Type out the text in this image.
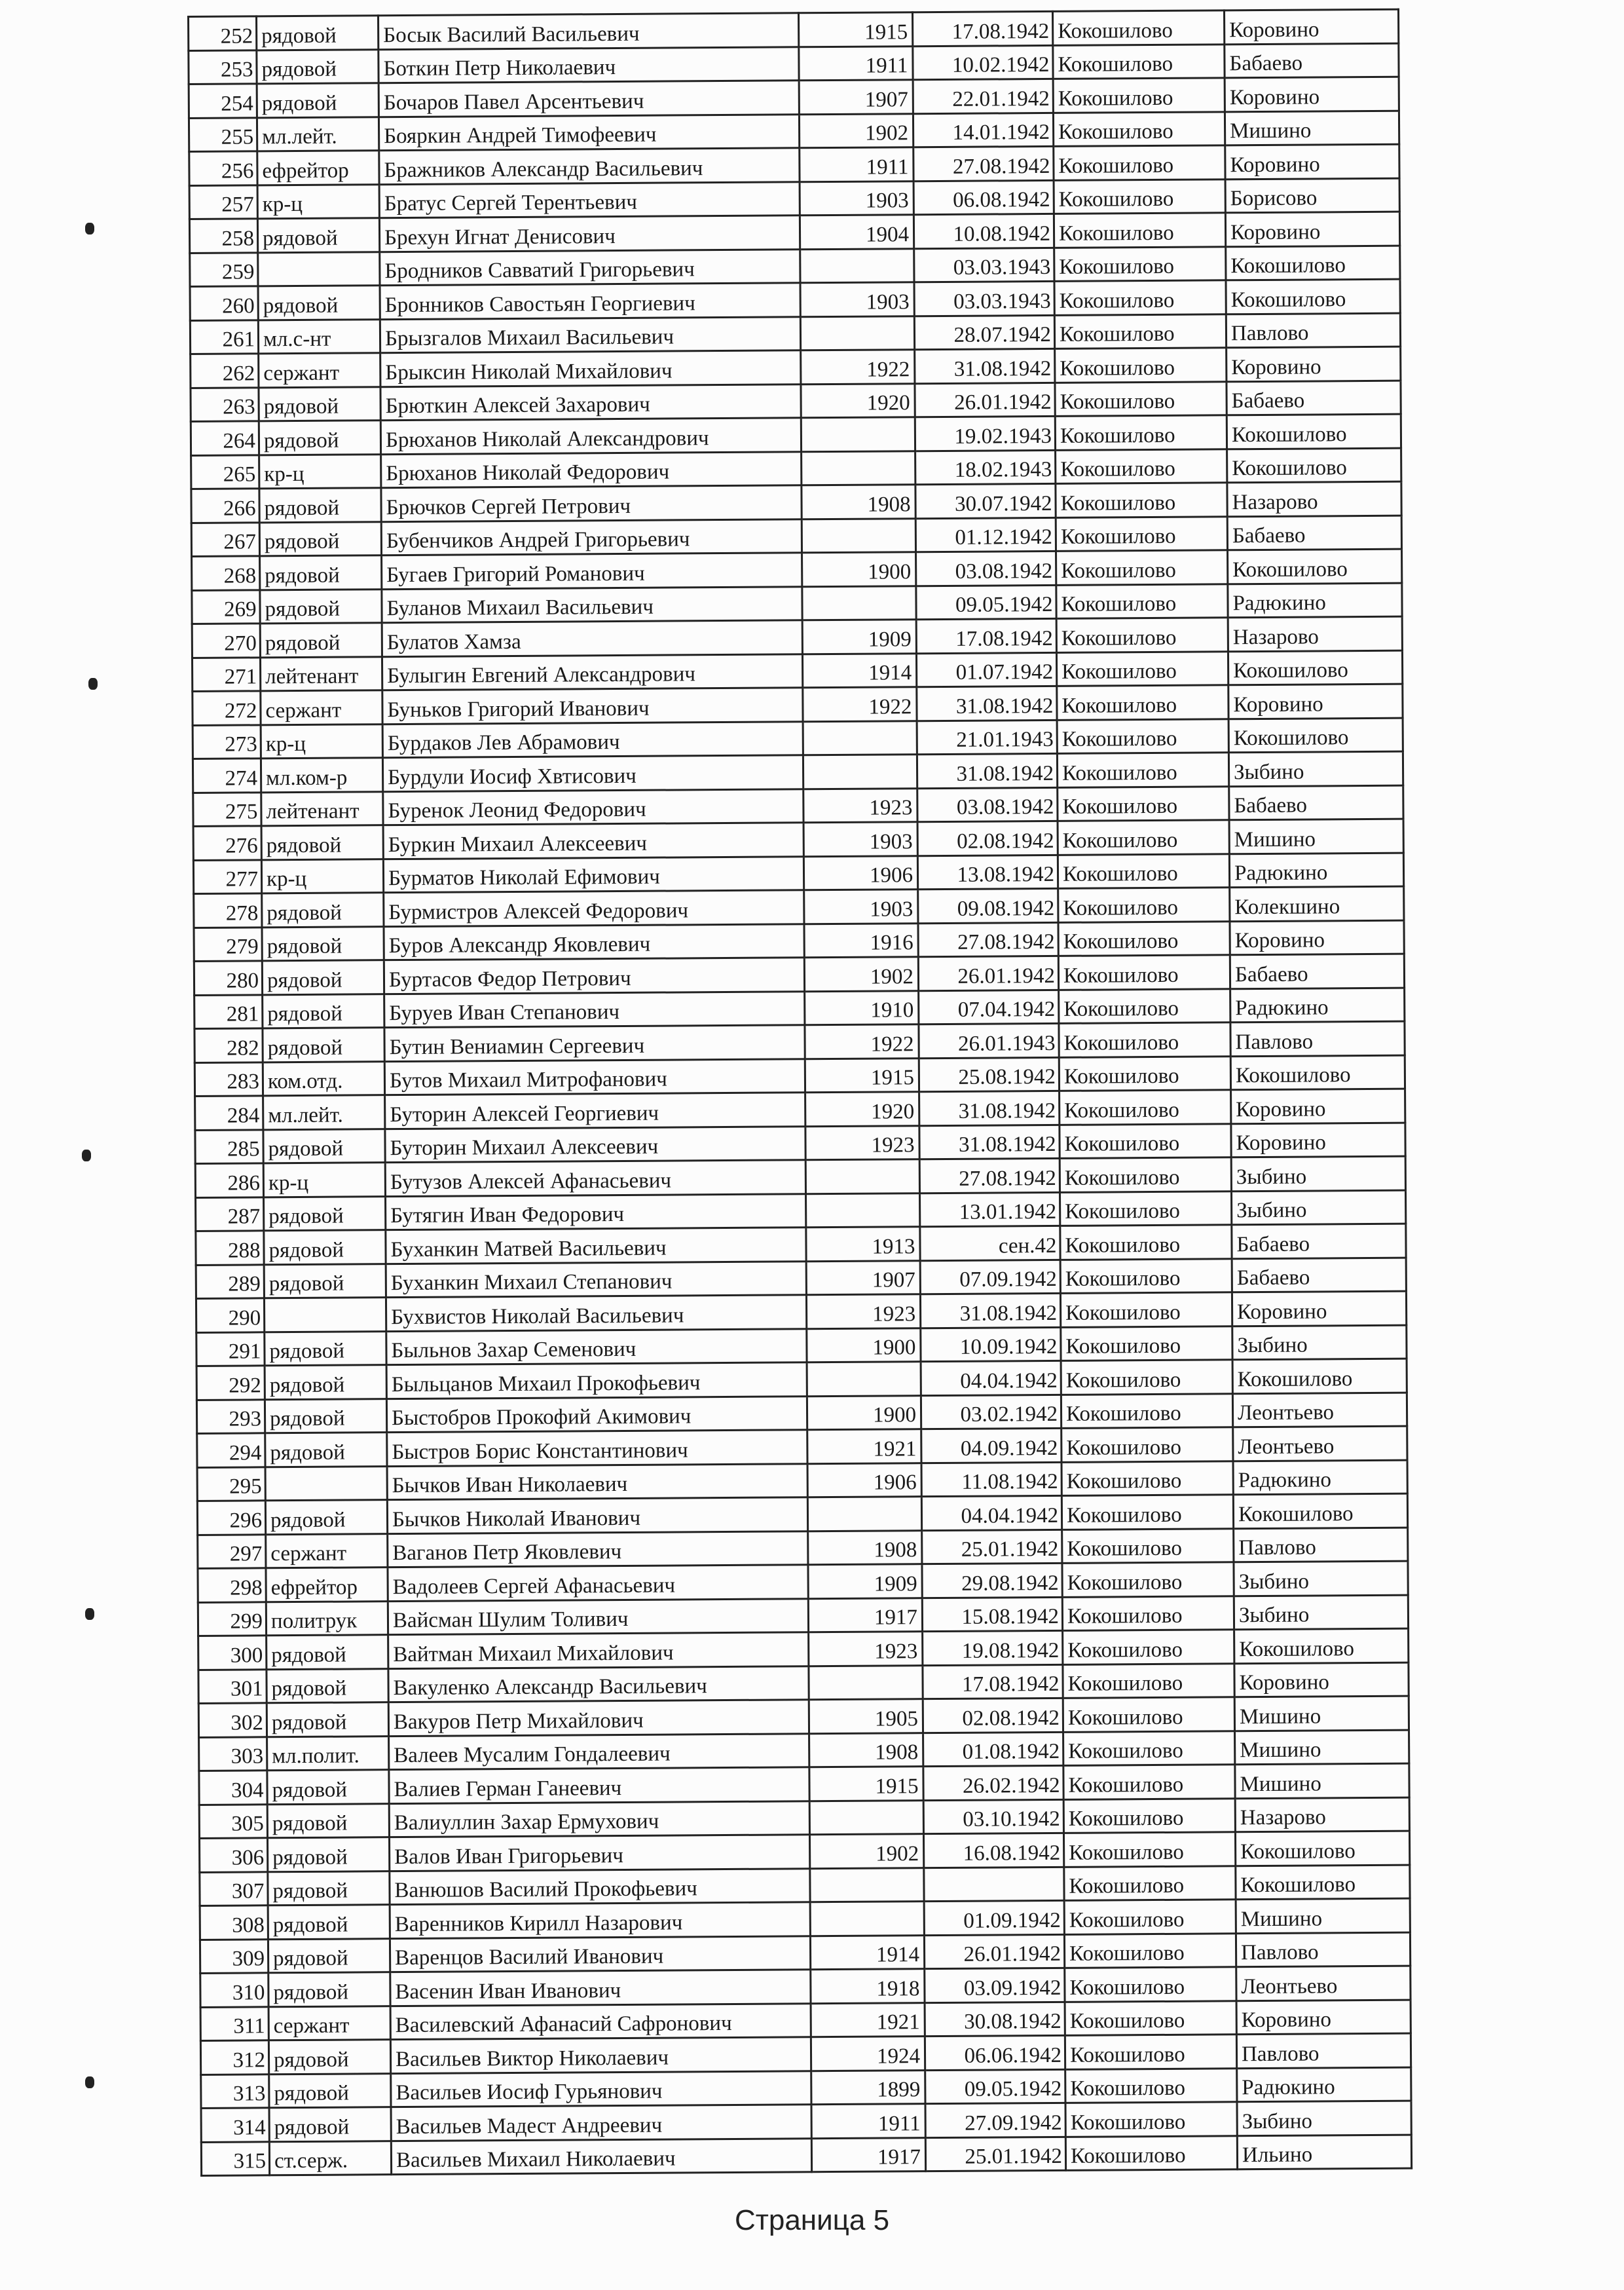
252	рядовой	Босык Василий Васильевич	1915	17.08.1942	Кокошилово	Коровино
253	рядовой	Боткин Петр Николаевич	1911	10.02.1942	Кокошилово	Бабаево
254	рядовой	Бочаров Павел Арсентьевич	1907	22.01.1942	Кокошилово	Коровино
255	мл.лейт.	Бояркин Андрей Тимофеевич	1902	14.01.1942	Кокошилово	Мишино
256	ефрейтор	Бражников Александр Васильевич	1911	27.08.1942	Кокошилово	Коровино
257	кр-ц	Братус Сергей Терентьевич	1903	06.08.1942	Кокошилово	Борисово
258	рядовой	Брехун Игнат Денисович	1904	10.08.1942	Кокошилово	Коровино
259		Бродников Савватий Григорьевич		03.03.1943	Кокошилово	Кокошилово
260	рядовой	Бронников Савостьян Георгиевич	1903	03.03.1943	Кокошилово	Кокошилово
261	мл.с-нт	Брызгалов Михаил Васильевич		28.07.1942	Кокошилово	Павлово
262	сержант	Брыксин Николай Михайлович	1922	31.08.1942	Кокошилово	Коровино
263	рядовой	Брюткин Алексей Захарович	1920	26.01.1942	Кокошилово	Бабаево
264	рядовой	Брюханов Николай Александрович		19.02.1943	Кокошилово	Кокошилово
265	кр-ц	Брюханов Николай Федорович		18.02.1943	Кокошилово	Кокошилово
266	рядовой	Брючков Сергей Петрович	1908	30.07.1942	Кокошилово	Назарово
267	рядовой	Бубенчиков Андрей Григорьевич		01.12.1942	Кокошилово	Бабаево
268	рядовой	Бугаев Григорий Романович	1900	03.08.1942	Кокошилово	Кокошилово
269	рядовой	Буланов Михаил Васильевич		09.05.1942	Кокошилово	Радюкино
270	рядовой	Булатов Хамза	1909	17.08.1942	Кокошилово	Назарово
271	лейтенант	Булыгин Евгений Александрович	1914	01.07.1942	Кокошилово	Кокошилово
272	сержант	Буньков Григорий Иванович	1922	31.08.1942	Кокошилово	Коровино
273	кр-ц	Бурдаков Лев Абрамович		21.01.1943	Кокошилово	Кокошилово
274	мл.ком-р	Бурдули Иосиф Хвтисович		31.08.1942	Кокошилово	Зыбино
275	лейтенант	Буренок Леонид Федорович	1923	03.08.1942	Кокошилово	Бабаево
276	рядовой	Буркин Михаил Алексеевич	1903	02.08.1942	Кокошилово	Мишино
277	кр-ц	Бурматов Николай Ефимович	1906	13.08.1942	Кокошилово	Радюкино
278	рядовой	Бурмистров Алексей Федорович	1903	09.08.1942	Кокошилово	Колекшино
279	рядовой	Буров Александр Яковлевич	1916	27.08.1942	Кокошилово	Коровино
280	рядовой	Буртасов Федор Петрович	1902	26.01.1942	Кокошилово	Бабаево
281	рядовой	Буруев Иван Степанович	1910	07.04.1942	Кокошилово	Радюкино
282	рядовой	Бутин Вениамин Сергеевич	1922	26.01.1943	Кокошилово	Павлово
283	ком.отд.	Бутов Михаил Митрофанович	1915	25.08.1942	Кокошилово	Кокошилово
284	мл.лейт.	Буторин Алексей Георгиевич	1920	31.08.1942	Кокошилово	Коровино
285	рядовой	Буторин Михаил Алексеевич	1923	31.08.1942	Кокошилово	Коровино
286	кр-ц	Бутузов Алексей Афанасьевич		27.08.1942	Кокошилово	Зыбино
287	рядовой	Бутягин Иван Федорович		13.01.1942	Кокошилово	Зыбино
288	рядовой	Буханкин Матвей Васильевич	1913	сен.42	Кокошилово	Бабаево
289	рядовой	Буханкин Михаил Степанович	1907	07.09.1942	Кокошилово	Бабаево
290		Бухвистов Николай Васильевич	1923	31.08.1942	Кокошилово	Коровино
291	рядовой	Быльнов Захар Семенович	1900	10.09.1942	Кокошилово	Зыбино
292	рядовой	Быльцанов Михаил Прокофьевич		04.04.1942	Кокошилово	Кокошилово
293	рядовой	Быстобров Прокофий Акимович	1900	03.02.1942	Кокошилово	Леонтьево
294	рядовой	Быстров Борис Константинович	1921	04.09.1942	Кокошилово	Леонтьево
295		Бычков Иван Николаевич	1906	11.08.1942	Кокошилово	Радюкино
296	рядовой	Бычков Николай Иванович		04.04.1942	Кокошилово	Кокошилово
297	сержант	Ваганов Петр Яковлевич	1908	25.01.1942	Кокошилово	Павлово
298	ефрейтор	Вадолеев Сергей Афанасьевич	1909	29.08.1942	Кокошилово	Зыбино
299	политрук	Вайсман Шулим Толивич	1917	15.08.1942	Кокошилово	Зыбино
300	рядовой	Вайтман Михаил Михайлович	1923	19.08.1942	Кокошилово	Кокошилово
301	рядовой	Вакуленко Александр Васильевич		17.08.1942	Кокошилово	Коровино
302	рядовой	Вакуров Петр Михайлович	1905	02.08.1942	Кокошилово	Мишино
303	мл.полит.	Валеев Мусалим Гондалеевич	1908	01.08.1942	Кокошилово	Мишино
304	рядовой	Валиев Герман Ганеевич	1915	26.02.1942	Кокошилово	Мишино
305	рядовой	Валиуллин Захар Ермухович		03.10.1942	Кокошилово	Назарово
306	рядовой	Валов Иван Григорьевич	1902	16.08.1942	Кокошилово	Кокошилово
307	рядовой	Ванюшов Василий Прокофьевич			Кокошилово	Кокошилово
308	рядовой	Варенников Кирилл Назарович		01.09.1942	Кокошилово	Мишино
309	рядовой	Варенцов Василий Иванович	1914	26.01.1942	Кокошилово	Павлово
310	рядовой	Васенин Иван Иванович	1918	03.09.1942	Кокошилово	Леонтьево
311	сержант	Василевский Афанасий Сафронович	1921	30.08.1942	Кокошилово	Коровино
312	рядовой	Васильев Виктор Николаевич	1924	06.06.1942	Кокошилово	Павлово
313	рядовой	Васильев Иосиф Гурьянович	1899	09.05.1942	Кокошилово	Радюкино
314	рядовой	Васильев Мадест Андреевич	1911	27.09.1942	Кокошилово	Зыбино
315	ст.серж.	Васильев Михаил Николаевич	1917	25.01.1942	Кокошилово	Ильино
Страница 5
